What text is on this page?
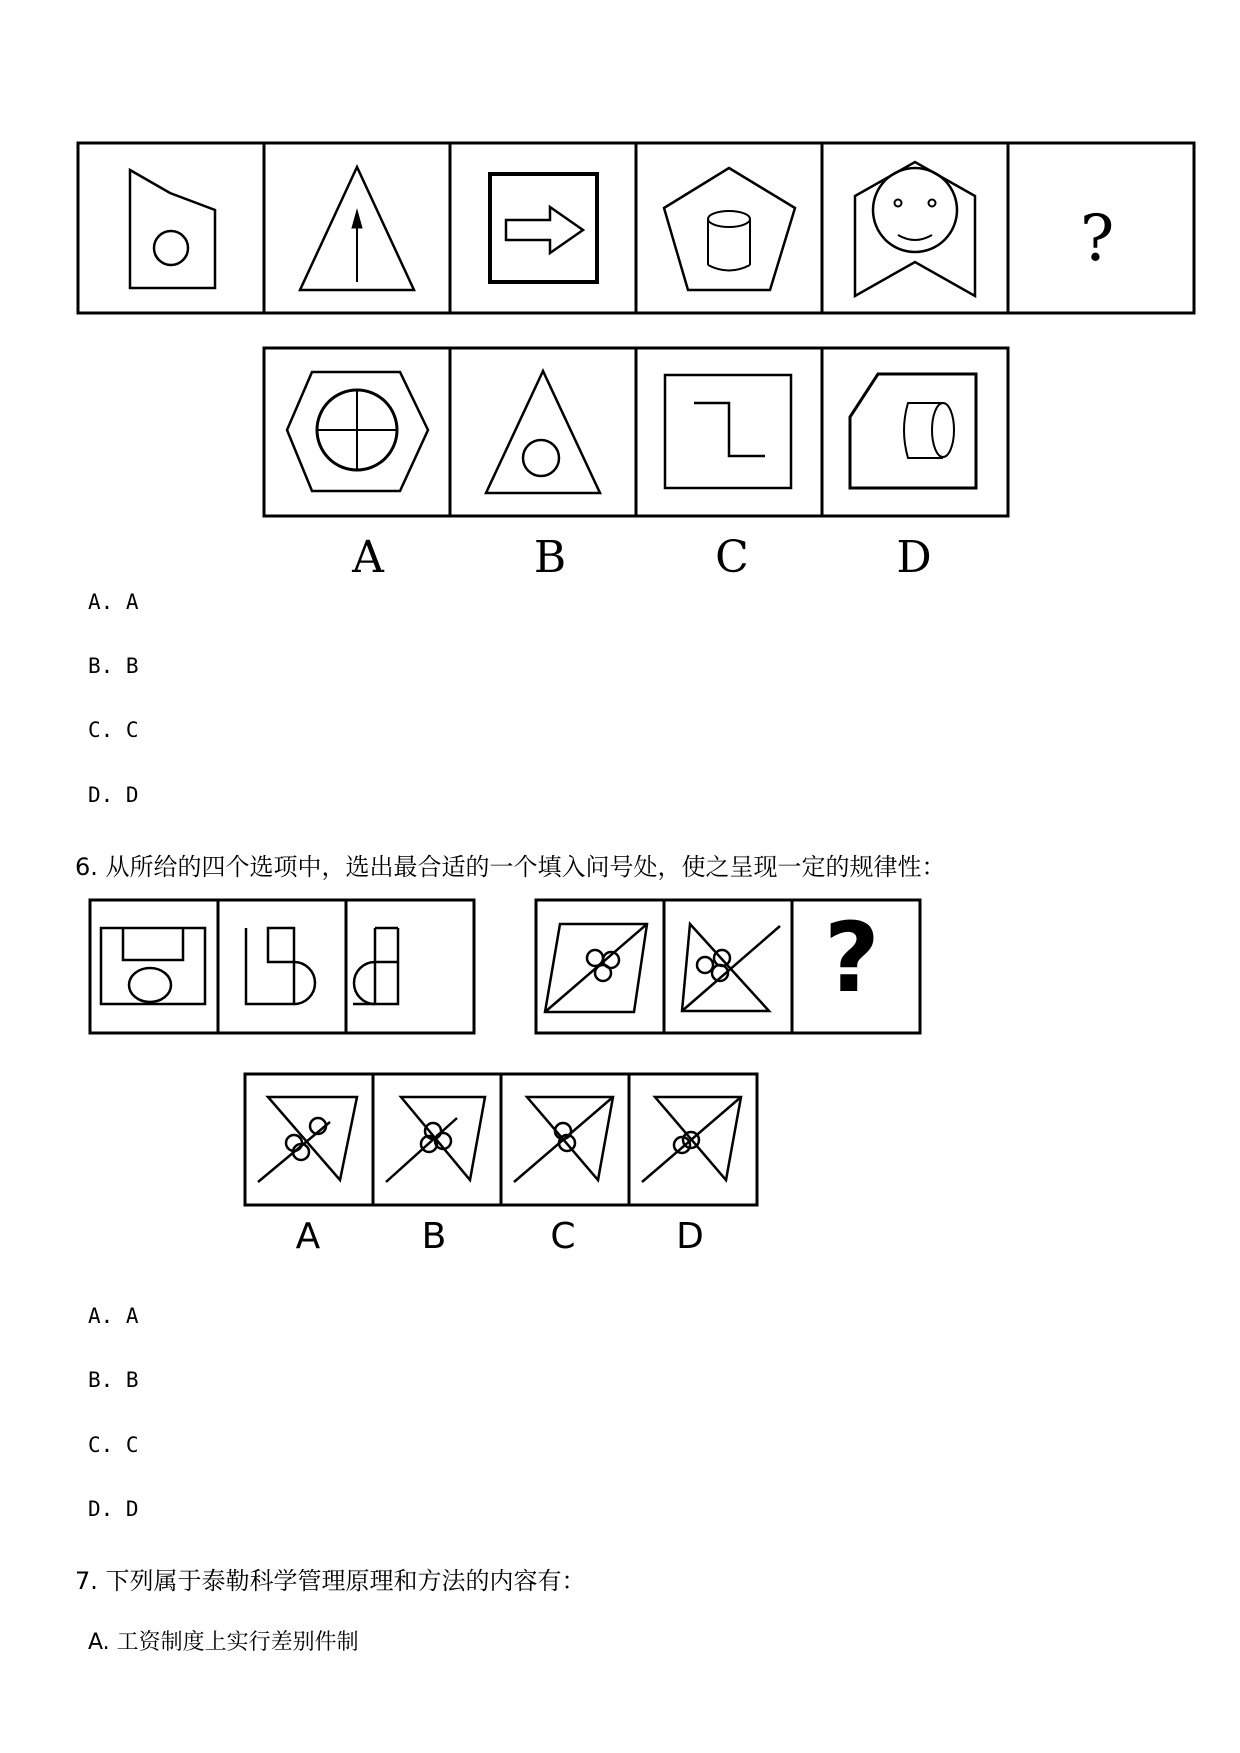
?
A	B	C	D
A. A
B. B
C. C
D. D
6. 从所给的四个选项中，选出最合适的一个填入问号处，使之呈现一定的规律性：
?
A	B	C	D
A. A
B. B
C. C
D. D
7. 下列属于泰勒科学管理原理和方法的内容有：
A. 工资制度上实行差别件制
